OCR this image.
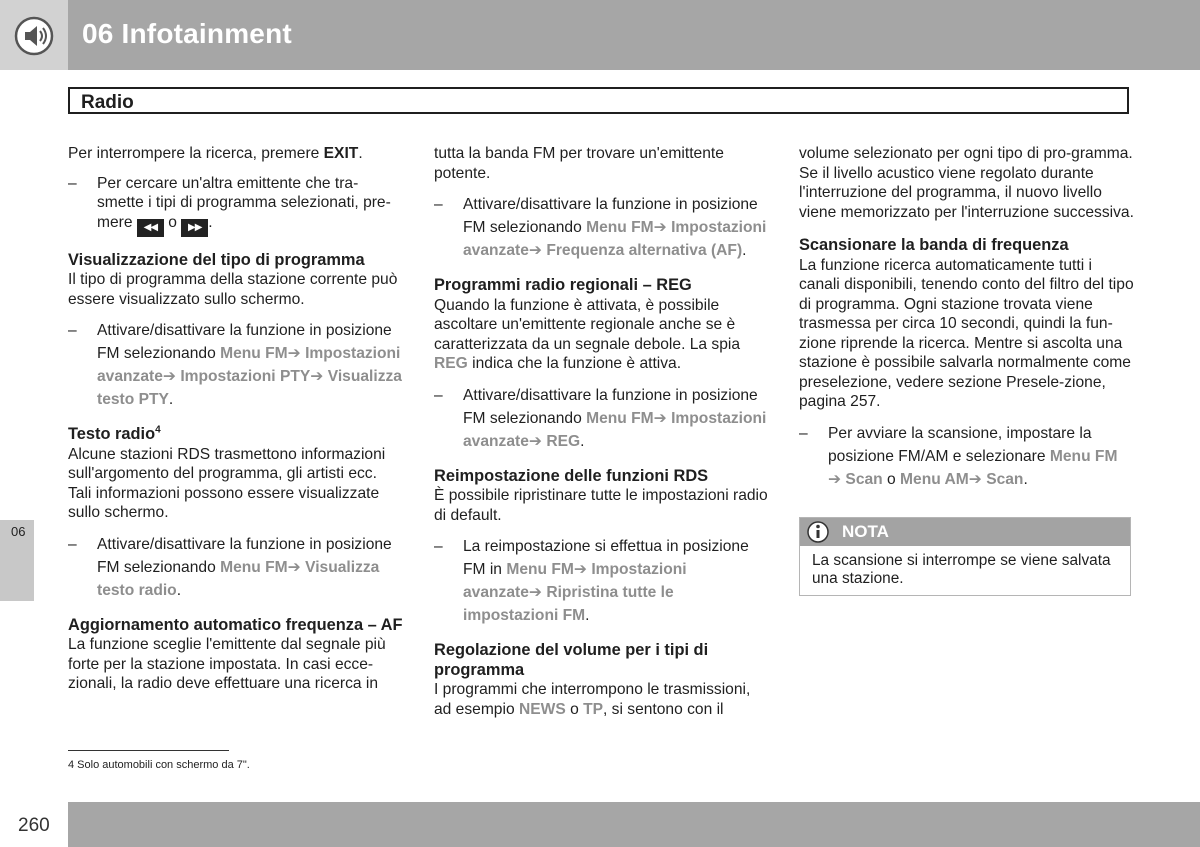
06 Infotainment
Radio
06

Per interrompere la ricerca, premere EXIT.

– Per cercare un'altra emittente che tra-smette i tipi di programma selezionati, pre-mere ◀◀ o ▶▶ .
Visualizzazione del tipo di programma

Il tipo di programma della stazione corrente può essere visualizzato sullo schermo.

– Attivare/disattivare la funzione in posizione FM selezionando Menu FM➔ Impostazioni avanzate➔ Impostazioni PTY➔ Visualizza testo PTY.
Testo radio$^4$

Alcune stazioni RDS trasmettono informazioni sull'argomento del programma, gli artisti ecc. Tali informazioni possono essere visualizzate sullo schermo.

– Attivare/disattivare la funzione in posizione FM selezionando Menu FM➔ Visualizza testo radio.
Aggiornamento automatico frequenza – AF

La funzione sceglie l'emittente dal segnale più forte per la stazione impostata. In casi ecce-zionali, la radio deve effettuare una ricerca in

tutta la banda FM per trovare un'emittente potente.

– Attivare/disattivare la funzione in posizione FM selezionando Menu FM➔ Impostazioni avanzate➔ Frequenza alternativa (AF).
Programmi radio regionali – REG

Quando la funzione è attivata, è possibile ascoltare un'emittente regionale anche se è caratterizzata da un segnale debole. La spia REG indica che la funzione è attiva.

– Attivare/disattivare la funzione in posizione FM selezionando Menu FM➔ Impostazioni avanzate➔ REG.
Reimpostazione delle funzioni RDS

È possibile ripristinare tutte le impostazioni radio di default.

– La reimpostazione si effettua in posizione FM in Menu FM➔ Impostazioni avanzate➔ Ripristina tutte le impostazioni FM.
Regolazione del volume per i tipi di programma

I programmi che interrompono le trasmissioni, ad esempio NEWS o TP, si sentono con il

volume selezionato per ogni tipo di pro-gramma. Se il livello acustico viene regolato durante l'interruzione del programma, il nuovo livello viene memorizzato per l'interruzione successiva.

Scansionare la banda di frequenza

La funzione ricerca automaticamente tutti i canali disponibili, tenendo conto del filtro del tipo di programma. Ogni stazione trovata viene trasmessa per circa 10 secondi, quindi la fun-zione riprende la ricerca. Mentre si ascolta una stazione è possibile salvarla normalmente come preselezione, vedere sezione Presele-zione, pagina 257.

– Per avviare la scansione, impostare la posizione FM/AM e selezionare Menu FM ➔ Scan o Menu AM➔ Scan.
NOTA
La scansione si interrompe se viene salvata una stazione.
4 Solo automobili con schermo da 7".
260
